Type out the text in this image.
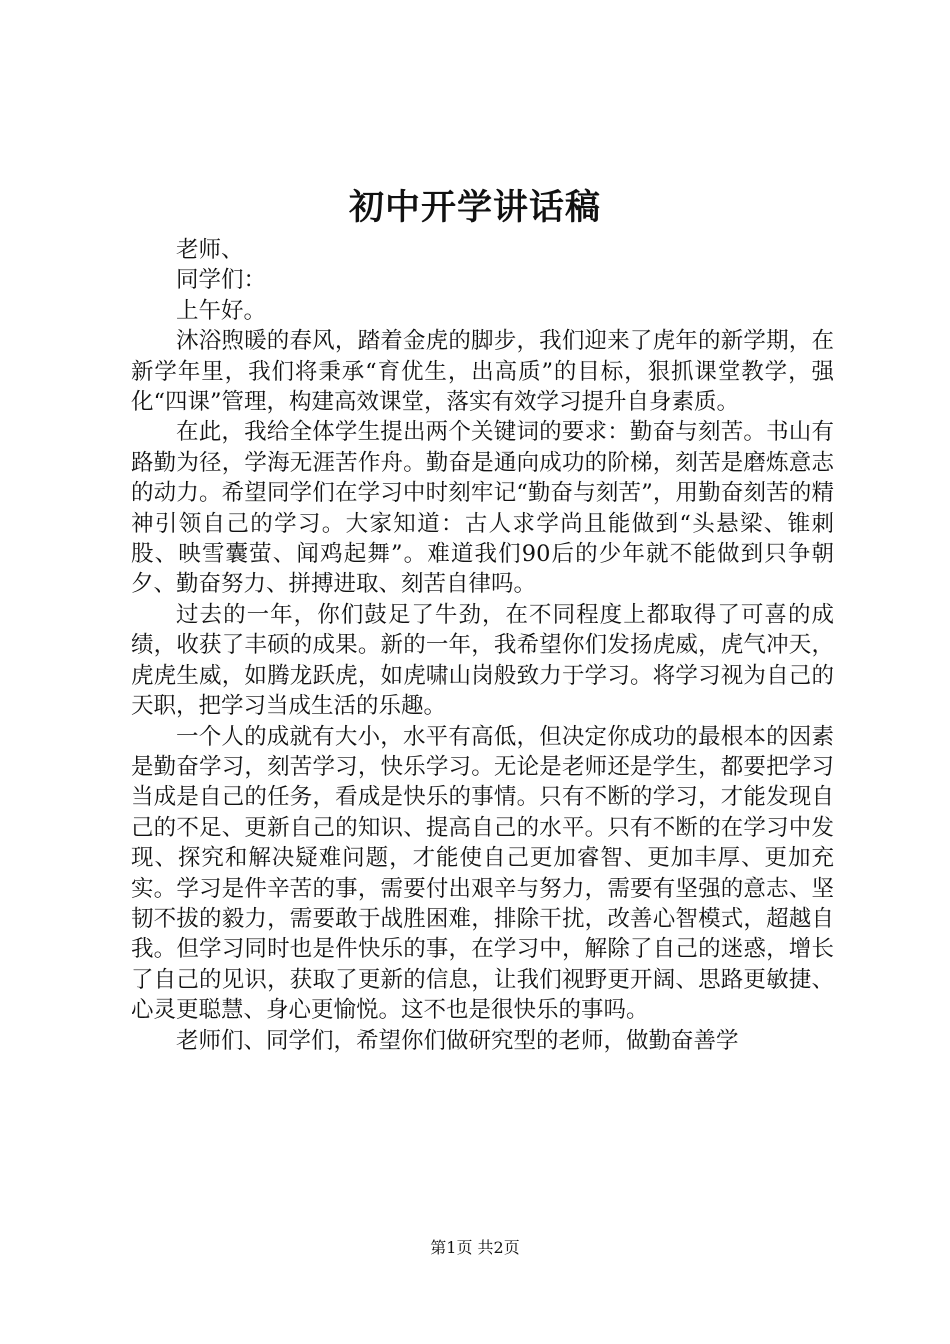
初中开学讲话稿

老师、

同学们：

上午好。

沐浴煦暖的春风，踏着金虎的脚步，我们迎来了虎年的新学期，在新学年里，我们将秉承“育优生，出高质”的目标，狠抓课堂教学，强化“四课”管理，构建高效课堂，落实有效学习提升自身素质。

在此，我给全体学生提出两个关键词的要求：勤奋与刻苦。书山有路勤为径，学海无涯苦作舟。勤奋是通向成功的阶梯，刻苦是磨炼意志的动力。希望同学们在学习中时刻牢记“勤奋与刻苦”，用勤奋刻苦的精神引领自己的学习。大家知道：古人求学尚且能做到“头悬梁、锥刺股、映雪囊萤、闻鸡起舞”。难道我们90后的少年就不能做到只争朝夕、勤奋努力、拼搏进取、刻苦自律吗。

过去的一年，你们鼓足了牛劲，在不同程度上都取得了可喜的成绩，收获了丰硕的成果。新的一年，我希望你们发扬虎威，虎气冲天，虎虎生威，如腾龙跃虎，如虎啸山岗般致力于学习。将学习视为自己的天职，把学习当成生活的乐趣。

一个人的成就有大小，水平有高低，但决定你成功的最根本的因素是勤奋学习，刻苦学习，快乐学习。无论是老师还是学生，都要把学习当成是自己的任务，看成是快乐的事情。只有不断的学习，才能发现自己的不足、更新自己的知识、提高自己的水平。只有不断的在学习中发现、探究和解决疑难问题，才能使自己更加睿智、更加丰厚、更加充实。学习是件辛苦的事，需要付出艰辛与努力，需要有坚强的意志、坚韧不拔的毅力，需要敢于战胜困难，排除干扰，改善心智模式，超越自我。但学习同时也是件快乐的事，在学习中，解除了自己的迷惑，增长了自己的见识，获取了更新的信息，让我们视野更开阔、思路更敏捷、心灵更聪慧、身心更愉悦。这不也是很快乐的事吗。

老师们、同学们，希望你们做研究型的老师，做勤奋善学

第1页 共2页
